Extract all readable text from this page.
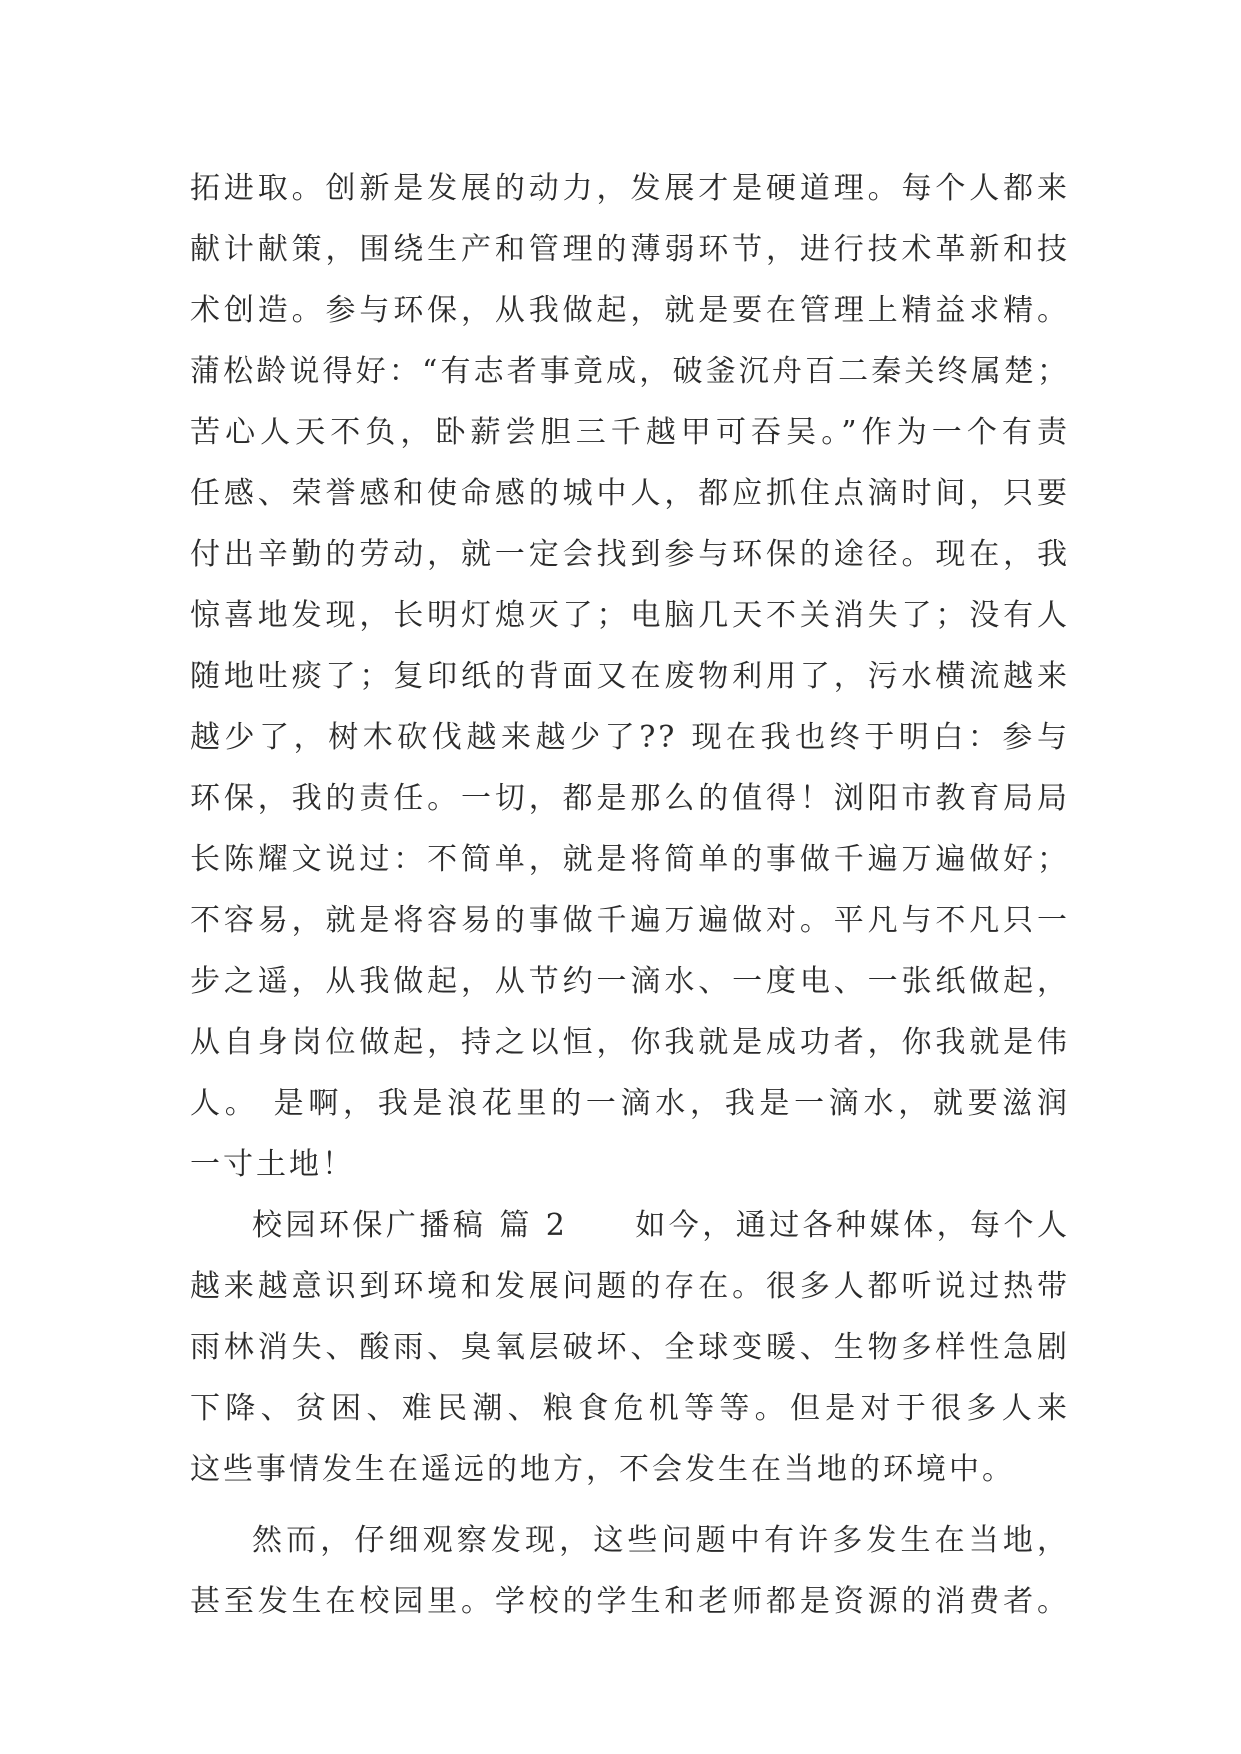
拓进取。创新是发展的动力，发展才是硬道理。每个人都来
献计献策，围绕生产和管理的薄弱环节，进行技术革新和技
术创造。参与环保，从我做起，就是要在管理上精益求精。
蒲松龄说得好：“有志者事竟成，破釜沉舟百二秦关终属楚；
苦心人天不负，卧薪尝胆三千越甲可吞吴。”作为一个有责
任感、荣誉感和使命感的城中人，都应抓住点滴时间，只要
付出辛勤的劳动，就一定会找到参与环保的途径。现在，我
惊喜地发现，长明灯熄灭了；电脑几天不关消失了；没有人
随地吐痰了；复印纸的背面又在废物利用了，污水横流越来
越少了，树木砍伐越来越少了?? 现在我也终于明白：参与
环保，我的责任。一切，都是那么的值得！浏阳市教育局局
长陈耀文说过：不简单，就是将简单的事做千遍万遍做好；
不容易，就是将容易的事做千遍万遍做对。平凡与不凡只一
步之遥，从我做起，从节约一滴水、一度电、一张纸做起，
从自身岗位做起，持之以恒，你我就是成功者，你我就是伟
人。 是啊，我是浪花里的一滴水，我是一滴水，就要滋润
一寸土地！
校园环保广播稿 篇 2　　如今，通过各种媒体，每个人
越来越意识到环境和发展问题的存在。很多人都听说过热带
雨林消失、酸雨、臭氧层破坏、全球变暖、生物多样性急剧
下降、贫困、难民潮、粮食危机等等。但是对于很多人来
这些事情发生在遥远的地方，不会发生在当地的环境中。
然而，仔细观察发现，这些问题中有许多发生在当地，
甚至发生在校园里。学校的学生和老师都是资源的消费者。
